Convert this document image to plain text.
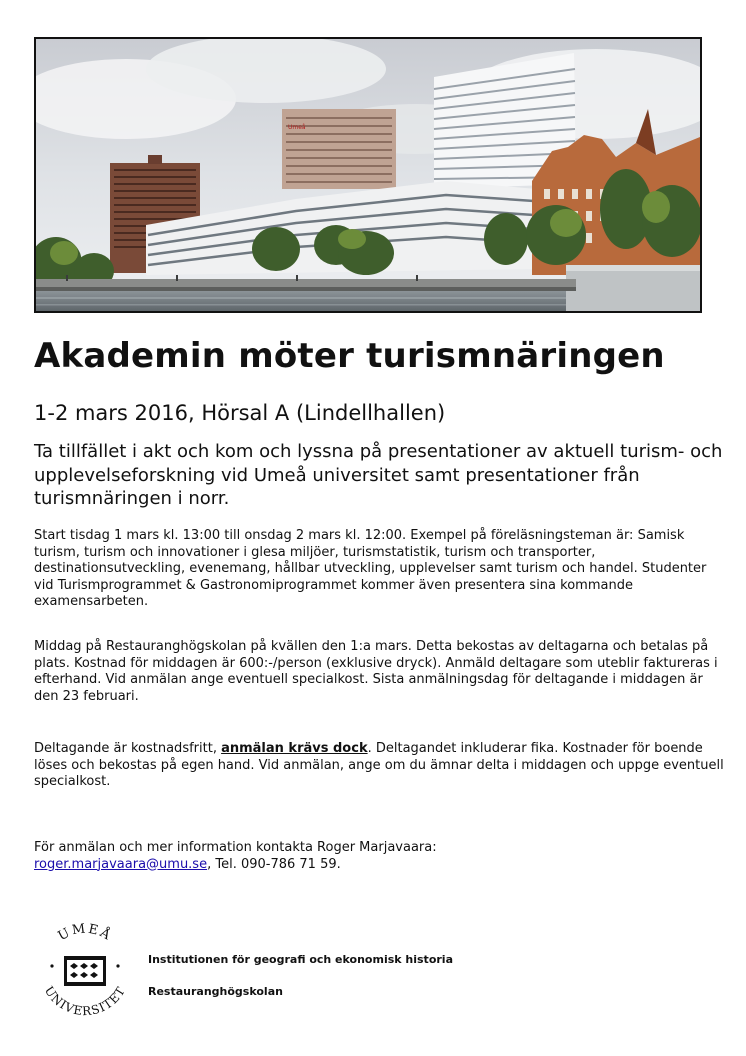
Umeå
Akademin möter turismnäringen
1-2 mars 2016, Hörsal A (Lindellhallen)

Ta tillfället i akt och kom och lyssna på presentationer av aktuell turism- och upplevelseforskning vid Umeå universitet samt presentationer från turismnäringen i norr.

Start tisdag 1 mars kl. 13:00 till onsdag 2 mars kl. 12:00. Exempel på föreläsningsteman är: Samisk turism, turism och innovationer i glesa miljöer, turismstatistik, turism och transporter, destinationsutveckling, evenemang, hållbar utveckling, upplevelser samt turism och handel. Studenter vid Turismprogrammet & Gastronomiprogrammet kommer även presentera sina kommande examensarbeten.

Middag på Restauranghögskolan på kvällen den 1:a mars. Detta bekostas av deltagarna och betalas på plats. Kostnad för middagen är 600:-/person (exklusive dryck). Anmäld deltagare som uteblir faktureras i efterhand. Vid anmälan ange eventuell specialkost. Sista anmälningsdag för deltagande i middagen är den 23 februari.

Deltagande är kostnadsfritt, anmälan krävs dock. Deltagandet inkluderar fika. Kostnader för boende löses och bekostas på egen hand. Vid anmälan, ange om du ämnar delta i middagen och uppge eventuell specialkost.

För anmälan och mer information kontakta Roger Marjavaara:
roger.marjavaara@umu.se, Tel. 090-786 71 59.

UMEÅ
UNIVERSITET

Institutionen för geografi och ekonomisk historia

Restauranghögskolan
